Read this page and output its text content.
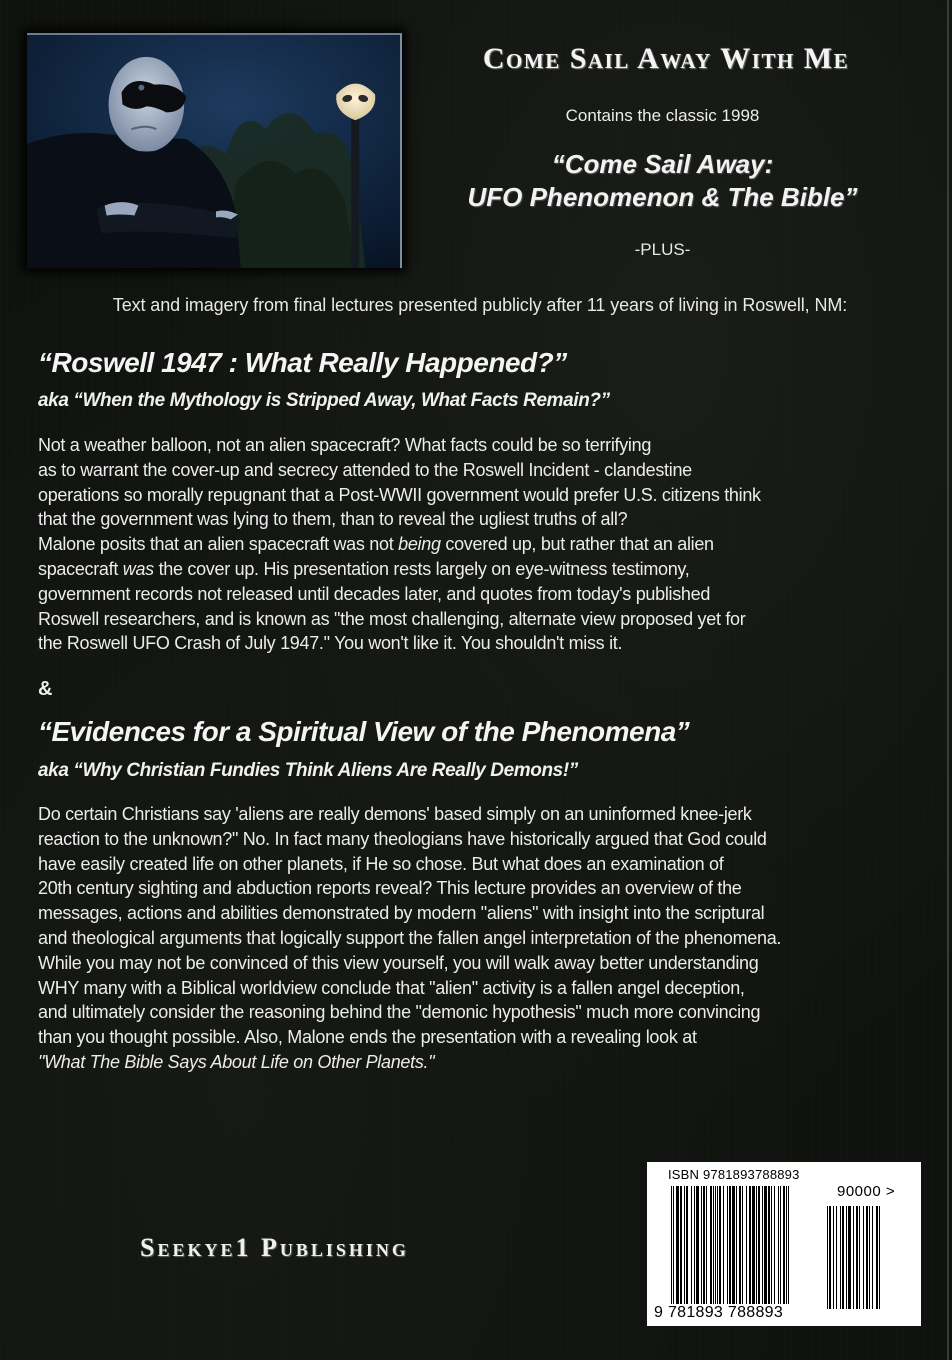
Come Sail Away With Me
Contains the classic 1998
“Come Sail Away:
UFO Phenomenon & The Bible”
-PLUS-
Text and imagery from final lectures presented publicly after 11 years of living in Roswell, NM:
“Roswell 1947 : What Really Happened?”
aka “When the Mythology is Stripped Away, What Facts Remain?”
Not a weather balloon, not an alien spacecraft? What facts could be so terrifying
as to warrant the cover-up and secrecy attended to the Roswell Incident - clandestine
operations so morally repugnant that a Post-WWII government would prefer U.S. citizens think
that the government was lying to them, than to reveal the ugliest truths of all?
Malone posits that an alien spacecraft was not being covered up, but rather that an alien
spacecraft was the cover up. His presentation rests largely on eye-witness testimony,
government records not released until decades later, and quotes from today's published
Roswell researchers, and is known as "the most challenging, alternate view proposed yet for
the Roswell UFO Crash of July 1947." You won't like it. You shouldn't miss it.
&
“Evidences for a Spiritual View of the Phenomena”
aka “Why Christian Fundies Think Aliens Are Really Demons!”
Do certain Christians say 'aliens are really demons' based simply on an uninformed knee-jerk
reaction to the unknown?" No. In fact many theologians have historically argued that God could
have easily created life on other planets, if He so chose. But what does an examination of
20th century sighting and abduction reports reveal? This lecture provides an overview of the
messages, actions and abilities demonstrated by modern "aliens" with insight into the scriptural
and theological arguments that logically support the fallen angel interpretation of the phenomena.
While you may not be convinced of this view yourself, you will walk away better understanding
WHY many with a Biblical worldview conclude that "alien" activity is a fallen angel deception,
and ultimately consider the reasoning behind the "demonic hypothesis" much more convincing
than you thought possible. Also, Malone ends the presentation with a revealing look at
"What The Bible Says About Life on Other Planets."
Seekye1 Publishing
ISBN 9781893788893
90000 >
9 781893 788893
